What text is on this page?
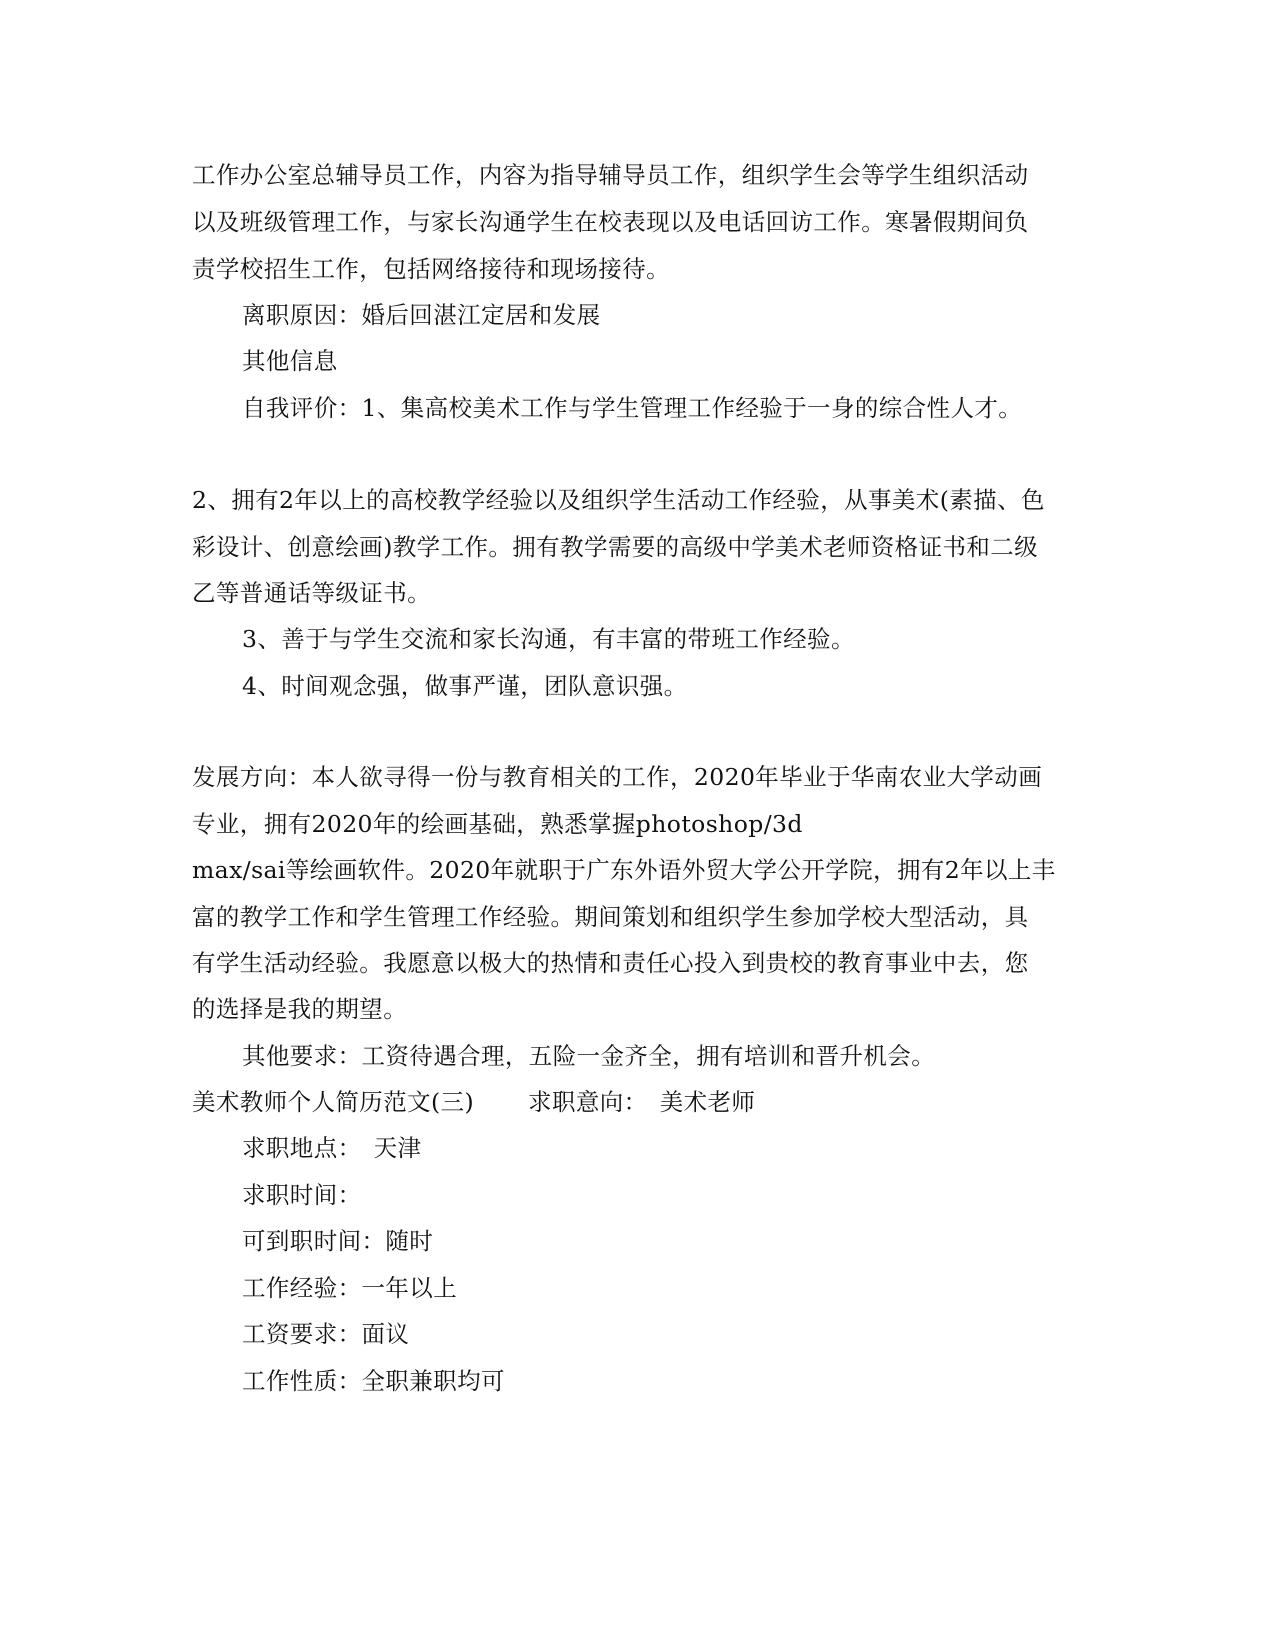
工作办公室总辅导员工作，内容为指导辅导员工作，组织学生会等学生组织活动
以及班级管理工作，与家长沟通学生在校表现以及电话回访工作。寒暑假期间负
责学校招生工作，包括网络接待和现场接待。
离职原因：婚后回湛江定居和发展
其他信息
自我评价：1、集高校美术工作与学生管理工作经验于一身的综合性人才。
2、拥有2年以上的高校教学经验以及组织学生活动工作经验，从事美术(素描、色
彩设计、创意绘画)教学工作。拥有教学需要的高级中学美术老师资格证书和二级
乙等普通话等级证书。
3、善于与学生交流和家长沟通，有丰富的带班工作经验。
4、时间观念强，做事严谨，团队意识强。
发展方向：本人欲寻得一份与教育相关的工作，2020年毕业于华南农业大学动画
专业，拥有2020年的绘画基础，熟悉掌握photoshop/3d
max/sai等绘画软件。2020年就职于广东外语外贸大学公开学院，拥有2年以上丰
富的教学工作和学生管理工作经验。期间策划和组织学生参加学校大型活动，具
有学生活动经验。我愿意以极大的热情和责任心投入到贵校的教育事业中去，您
的选择是我的期望。
其他要求：工资待遇合理，五险一金齐全，拥有培训和晋升机会。
美术教师个人简历范文(三) 求职意向：　美术老师
求职地点：　天津
求职时间：
可到职时间：随时
工作经验：一年以上
工资要求：面议
工作性质：全职兼职均可
